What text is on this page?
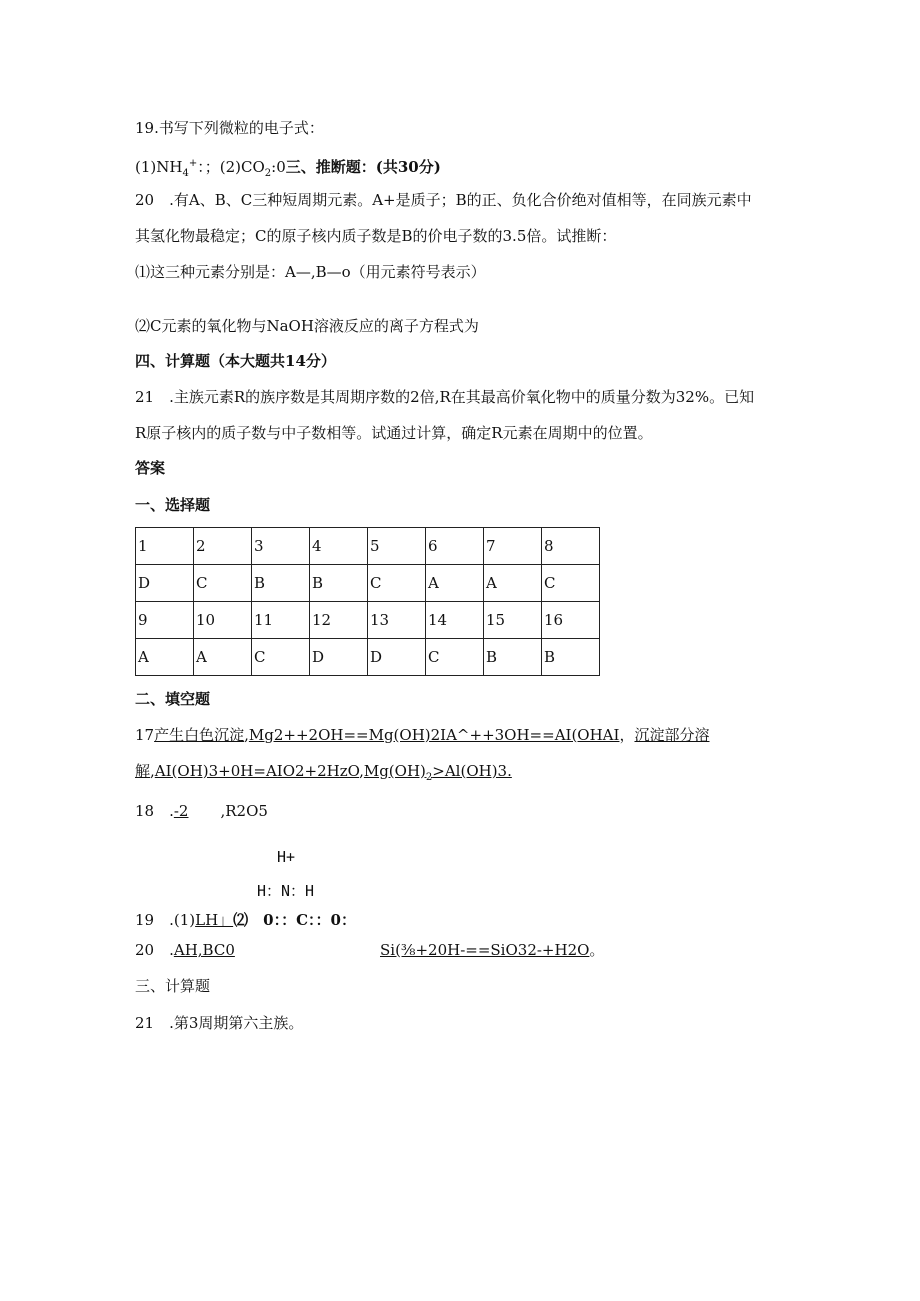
19.书写下列微粒的电子式：
$(1)NH_4^+$：；$(2)CO_2:0$三、推断题：(共30分)
20　.有A、B、C三种短周期元素。A+是质子；B的正、负化合价绝对值相等，在同族元素中
其氢化物最稳定；C的原子核内质子数是B的价电子数的3.5倍。试推断：
⑴这三种元素分别是：A—,B—o（用元素符号表示）
⑵C元素的氧化物与NaOH溶液反应的离子方程式为
四、计算题（本大题共14分）
21　.主族元素R的族序数是其周期序数的2倍,R在其最高价氧化物中的质量分数为32%。已知
R原子核内的质子数与中子数相等。试通过计算，确定R元素在周期中的位置。
答案
一、选择题
1	2	3	4	5	6	7	8
D	C	B	B	C	A	A	C
9	10	11	12	13	14	15	16
A	A	C	D	D	C	B	B
二、填空题
17产生白色沉淀,Mg2++2OH==Mg(OH)2IA^++3OH==AI(OHAI，沉淀部分溶
解$,AI(OH)3+0H=AIO2+2HzO,Mg(OH)_2>Al(OH)3$.
18　.-2 ,R2O5
H+
H：N：H
19　.(1)LH」⑵　0：：C：：0：
20　.AH,BC0	Si(⅜+20H-==SiO32-+H2O。
三、计算题
21　.第3周期第六主族。
